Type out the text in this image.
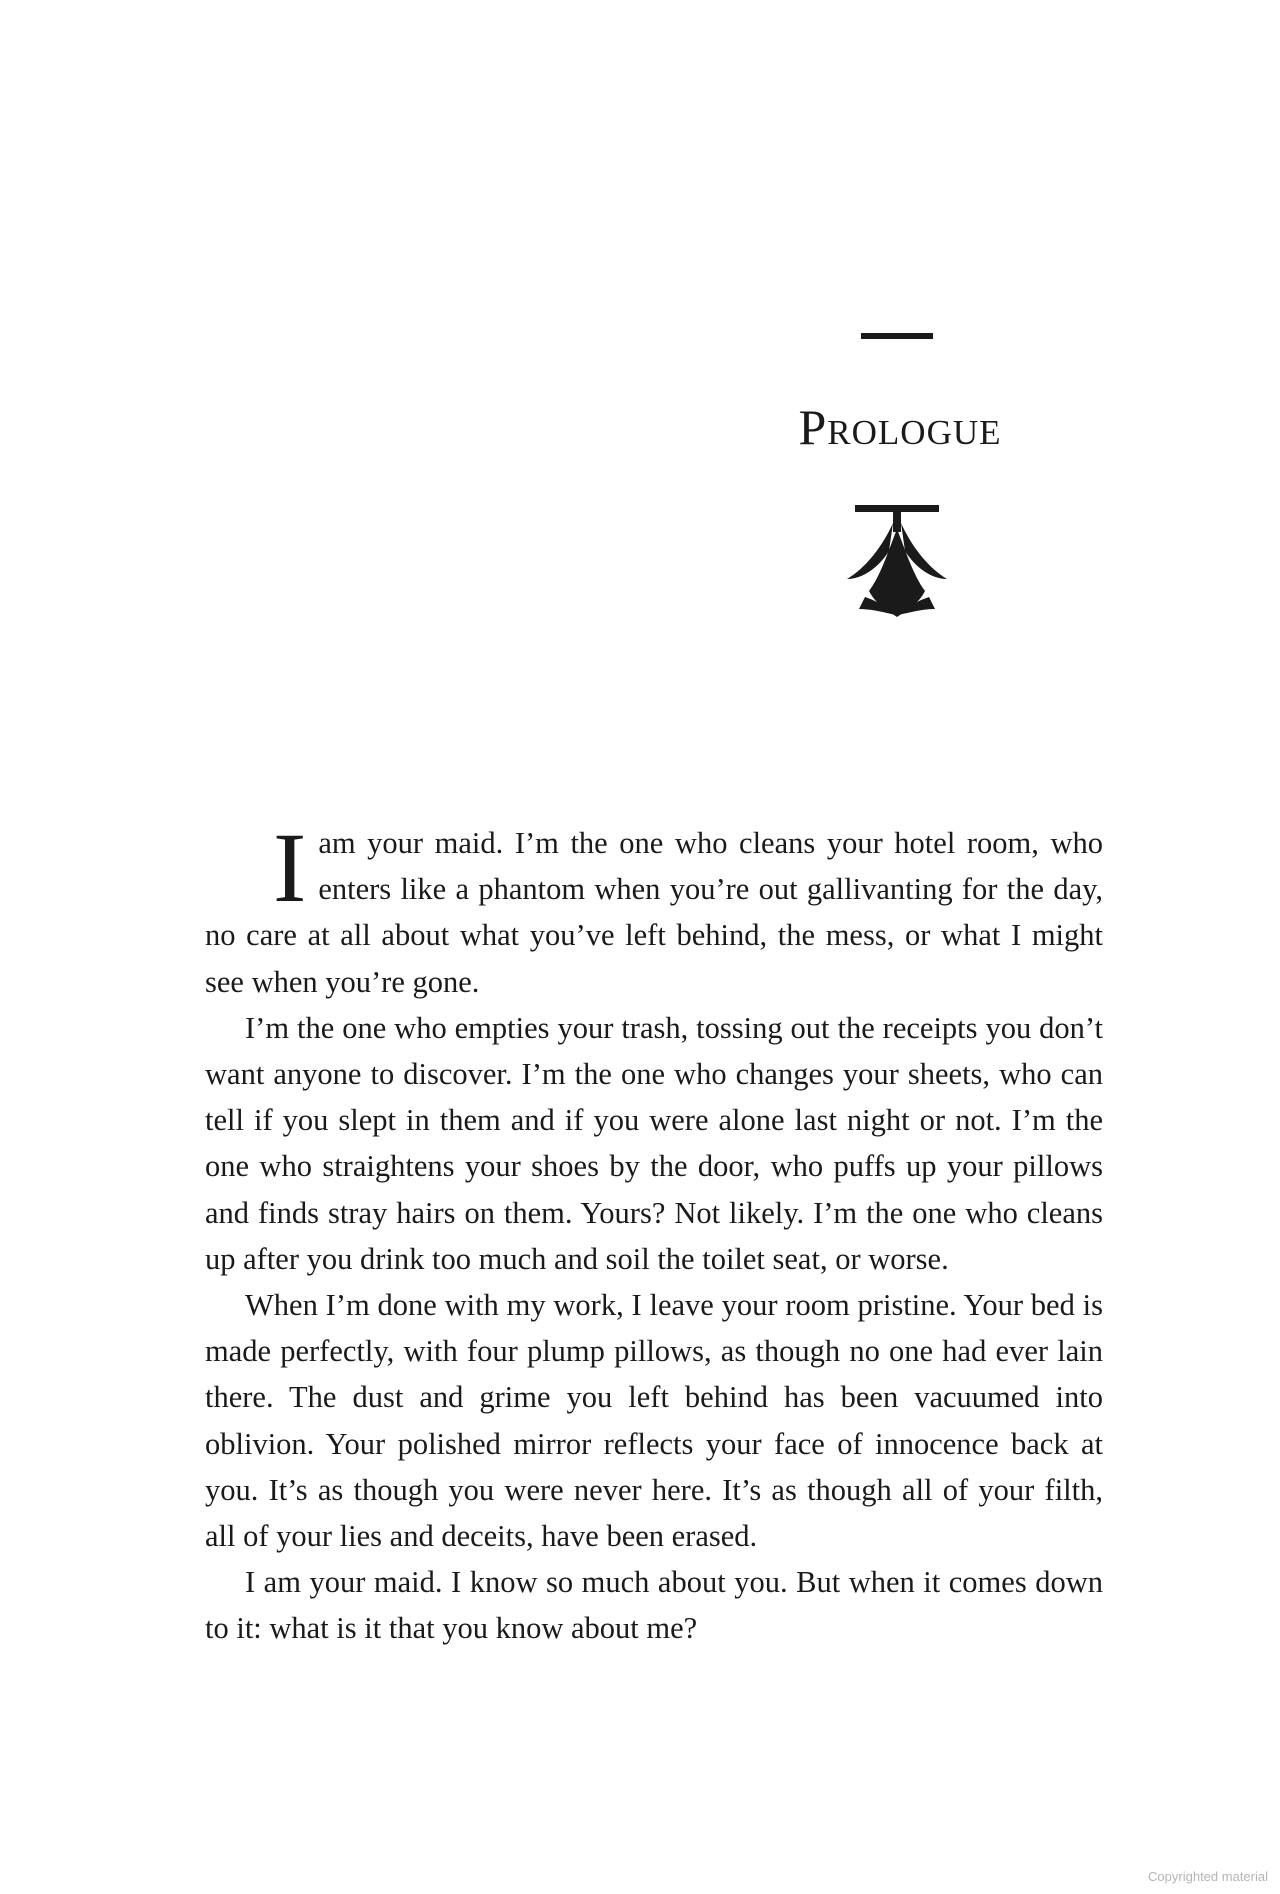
Prologue

I am your maid. I’m the one who cleans your hotel room, who enters like a phantom when you’re out gallivanting for the day, no care at all about what you’ve left behind, the mess, or what I might see when you’re gone.

I’m the one who empties your trash, tossing out the receipts you don’t want anyone to discover. I’m the one who changes your sheets, who can tell if you slept in them and if you were alone last night or not. I’m the one who straightens your shoes by the door, who puffs up your pillows and finds stray hairs on them. Yours? Not likely. I’m the one who cleans up after you drink too much and soil the toilet seat, or worse.

When I’m done with my work, I leave your room pristine. Your bed is made perfectly, with four plump pillows, as though no one had ever lain there. The dust and grime you left behind has been vacuumed into oblivion. Your polished mirror reflects your face of innocence back at you. It’s as though you were never here. It’s as though all of your filth, all of your lies and deceits, have been erased.

I am your maid. I know so much about you. But when it comes down to it: what is it that you know about me?

Copyrighted material
